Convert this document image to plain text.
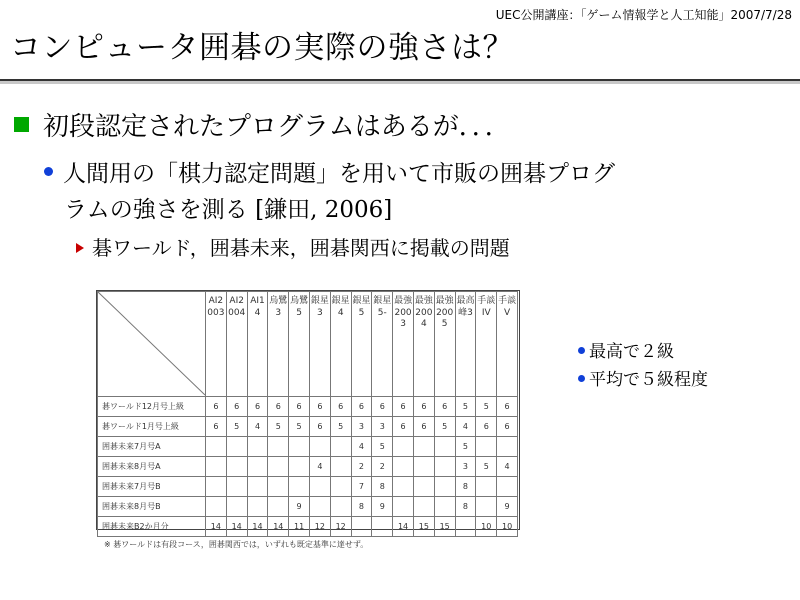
UEC公開講座：「ゲーム情報学と人工知能」2007/7/28
コンピュータ囲碁の実際の強さは？
初段認定されたプログラムはあるが．．．
人間用の「棋力認定問題」を用いて市販の囲碁プログ
ラムの強さを測る [鎌田, 2006]
碁ワールド，囲碁未来，囲碁関西に掲載の問題
	AI2003	AI2004	AI14	烏鷺3	烏鷺5	銀星3	銀星4	銀星5	銀星5-	最強2003	最強2004	最強2005	最高峰3	手談IV	手談V
碁ワールド12月号上級	6	6	6	6	6	6	6	6	6	6	6	6	5	5	6
碁ワールド1月号上級	6	5	4	5	5	6	5	3	3	6	6	5	4	6	6
囲碁未来7月号A								4	5				5		
囲碁未来8月号A						4		2	2				3	5	4
囲碁未来7月号B								7	8				8		
囲碁未来8月号B					9			8	9				8		9
囲碁未来B2か月分	14	14	14	14	11	12	12			14	15	15		10	10
※ 碁ワールドは有段コース，囲碁関西では，いずれも既定基準に達せず。
最高で２級
平均で５級程度
